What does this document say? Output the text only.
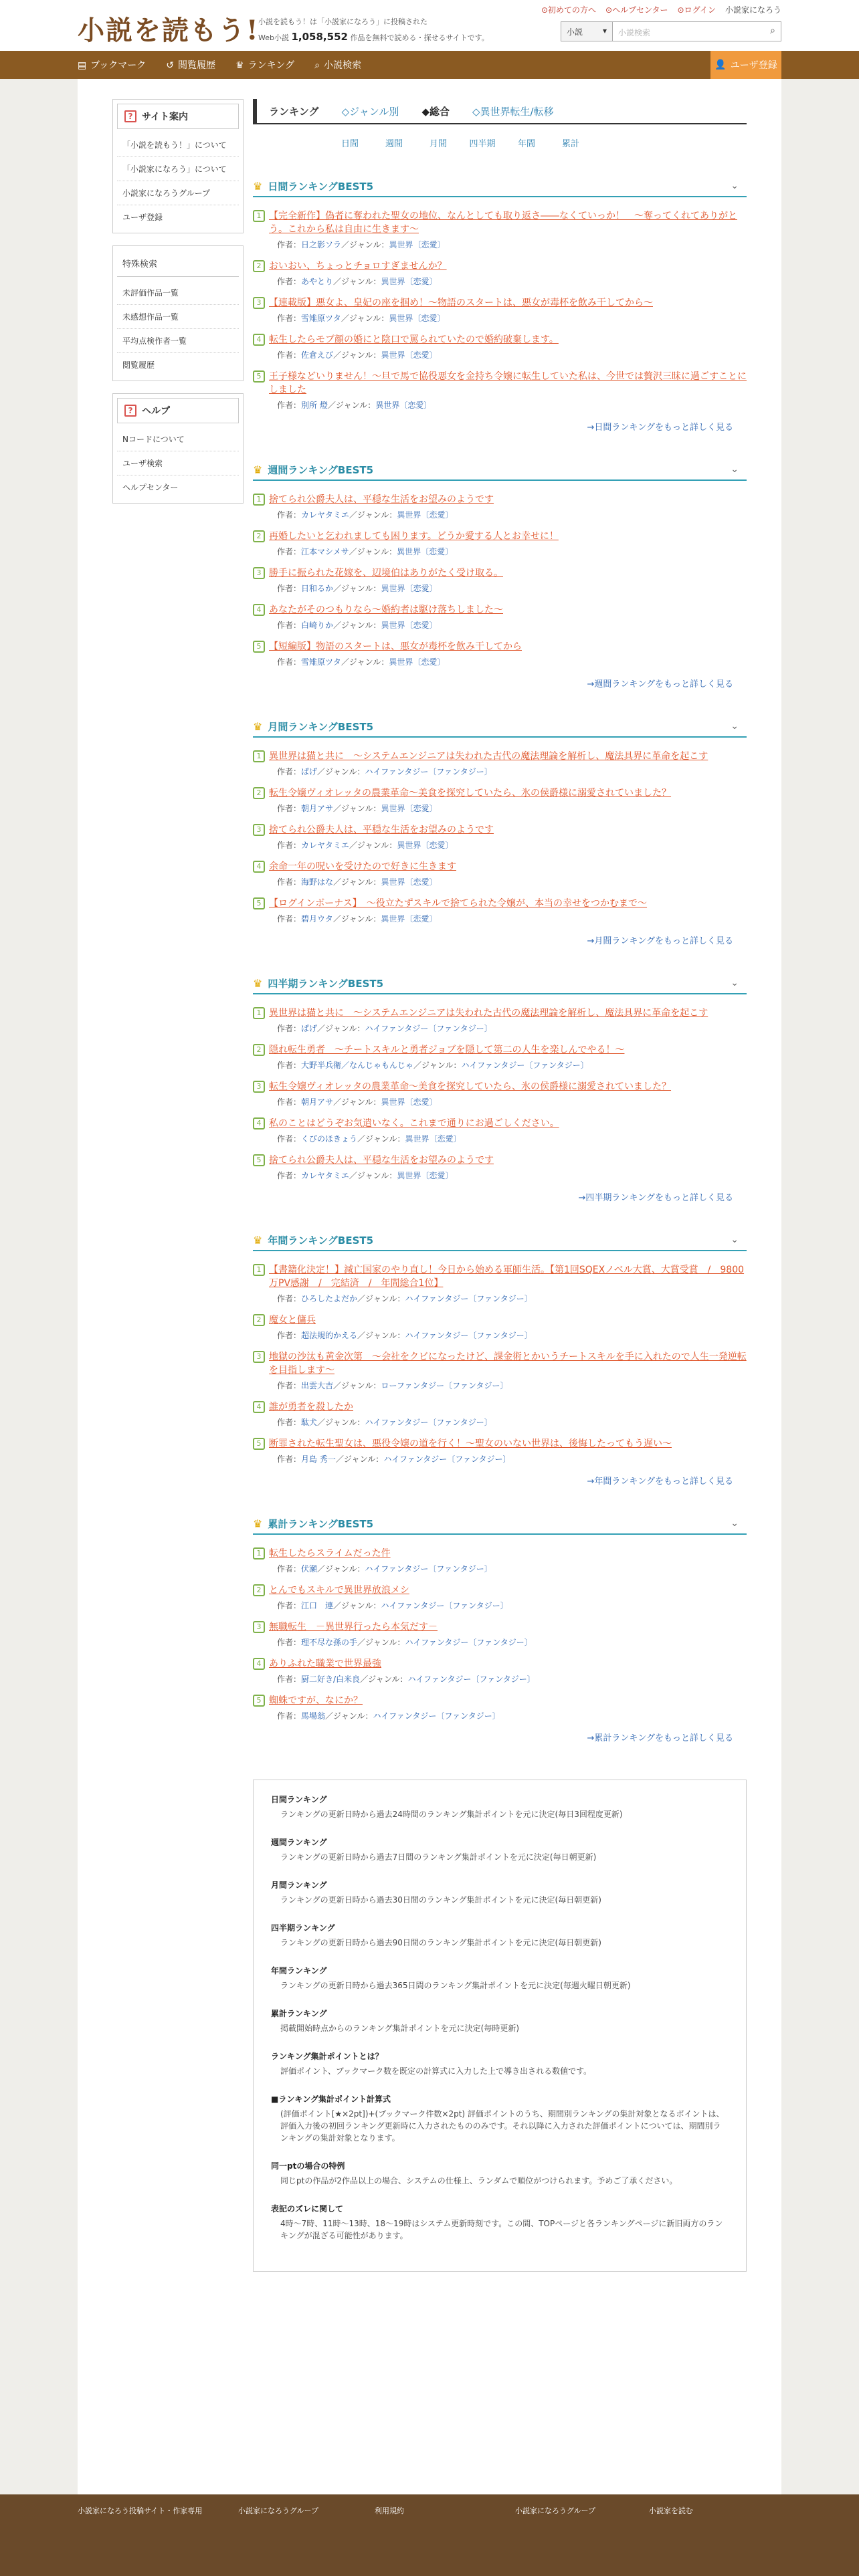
小説を読もう!
小説を読もう！は「小説家になろう」に投稿された
Web小説 1,058,552 作品を無料で読める・探せるサイトです。
⊙初めての方へ ⊙ヘルプセンター ⊙ログイン 小説家になろう
小説 ▾	小説検索	⌕
▤ ブックマーク ↺ 閲覧履歴 ♛ ランキング ⌕ 小説検索	👤 ユーザ登録
? サイト案内
「小説を読もう！」について
「小説家になろう」について
小説家になろうグループ
ユーザ登録
特殊検索
未評価作品一覧
未感想作品一覧
平均点検作者一覧
閲覧履歴
? ヘルプ
Nコードについて
ユーザ検索
ヘルプセンター
ランキング ◇ジャンル別 ◆総合 ◇異世界転生/転移
日間	週間	月間	四半期	年間	累計
♛ 日間ランキングBEST5	⌄
1 【完全新作】偽者に奪われた聖女の地位、なんとしても取り返さ――なくていっか！　～奪ってくれてありがとう。これから私は自由に生きます～
作者：日之影ソラ／ジャンル：異世界〔恋愛〕
2 おいおい、ちょっとチョロすぎませんか？
作者：あやとり／ジャンル：異世界〔恋愛〕
3 【連載版】悪女よ、皇妃の座を掴め！～物語のスタートは、悪女が毒杯を飲み干してから～
作者：雪雉原ツタ／ジャンル：異世界〔恋愛〕
4 転生したらモブ顔の婚にと陰口で罵られていたので婚約破棄します。
作者：佐倉えび／ジャンル：異世界〔恋愛〕
5 王子様などいりません！～旦で馬で協役悪女を金持ち令嬢に転生していた私は、今世では贅沢三昧に過ごすことにしました
作者：別所 燈／ジャンル：異世界〔恋愛〕
→日間ランキングをもっと詳しく見る
♛ 週間ランキングBEST5	⌄
1 捨てられ公爵夫人は、平穏な生活をお望みのようです
作者：カレヤタミエ／ジャンル：異世界〔恋愛〕
2 再婚したいと乞われましても困ります。どうか愛する人とお幸せに！
作者：江本マシメサ／ジャンル：異世界〔恋愛〕
3 勝手に振られた花嫁を、辺境伯はありがたく受け取る。
作者：日和るか／ジャンル：異世界〔恋愛〕
4 あなたがそのつもりなら～婚約者は駆け落ちしました～
作者：白崎りか／ジャンル：異世界〔恋愛〕
5 【短編版】物語のスタートは、悪女が毒杯を飲み干してから
作者：雪雉原ツタ／ジャンル：異世界〔恋愛〕
→週間ランキングをもっと詳しく見る
♛ 月間ランキングBEST5	⌄
1 異世界は猫と共に　～システムエンジニアは失われた古代の魔法理論を解析し、魔法具界に革命を起こす
作者：ぱげ／ジャンル：ハイファンタジー〔ファンタジー〕
2 転生令嬢ヴィオレッタの農業革命～美食を探究していたら、氷の侯爵様に溺愛されていました？
作者：朝月アサ／ジャンル：異世界〔恋愛〕
3 捨てられ公爵夫人は、平穏な生活をお望みのようです
作者：カレヤタミエ／ジャンル：異世界〔恋愛〕
4 余命一年の呪いを受けたので好きに生きます
作者：海野はな／ジャンル：異世界〔恋愛〕
5 【ログインボーナス】　～役立たずスキルで捨てられた令嬢が、本当の幸せをつかむまで～
作者：碧月ウタ／ジャンル：異世界〔恋愛〕
→月間ランキングをもっと詳しく見る
♛ 四半期ランキングBEST5	⌄
1 異世界は猫と共に　～システムエンジニアは失われた古代の魔法理論を解析し、魔法具界に革命を起こす
作者：ぱげ／ジャンル：ハイファンタジー〔ファンタジー〕
2 隠れ転生勇者　～チートスキルと勇者ジョブを隠して第二の人生を楽しんでやる！～
作者：大野半兵衛／なんじゃもんじゃ／ジャンル：ハイファンタジー〔ファンタジー〕
3 転生令嬢ヴィオレッタの農業革命～美食を探究していたら、氷の侯爵様に溺愛されていました？
作者：朝月アサ／ジャンル：異世界〔恋愛〕
4 私のことはどうぞお気遣いなく。これまで通りにお過ごしください。
作者：くびのほきょう／ジャンル：異世界〔恋愛〕
5 捨てられ公爵夫人は、平穏な生活をお望みのようです
作者：カレヤタミエ／ジャンル：異世界〔恋愛〕
→四半期ランキングをもっと詳しく見る
♛ 年間ランキングBEST5	⌄
1 【書籍化決定！】減亡国家のやり直し！今日から始める軍師生活。【第1回SQEXノベル大賞、大賞受賞　/　9800万PV感謝　/　完結済　/　年間総合1位】
作者：ひろしたよだか／ジャンル：ハイファンタジー〔ファンタジー〕
2 魔女と傭兵
作者：超法規的かえる／ジャンル：ハイファンタジー〔ファンタジー〕
3 地獄の沙汰も黄金次第　～会社をクビになったけど、課金術とかいうチートスキルを手に入れたので人生一発逆転を目指します～
作者：出雲大吉／ジャンル：ローファンタジー〔ファンタジー〕
4 誰が勇者を殺したか
作者：駄犬／ジャンル：ハイファンタジー〔ファンタジー〕
5 断罪された転生聖女は、悪役令嬢の道を行く！～聖女のいない世界は、後悔したってもう遅い～
作者：月島 秀一／ジャンル：ハイファンタジー〔ファンタジー〕
→年間ランキングをもっと詳しく見る
♛ 累計ランキングBEST5	⌄
1 転生したらスライムだった件
作者：伏瀬／ジャンル：ハイファンタジー〔ファンタジー〕
2 とんでもスキルで異世界放浪メシ
作者：江口　連／ジャンル：ハイファンタジー〔ファンタジー〕
3 無職転生　－異世界行ったら本気だす－
作者：理不尽な孫の手／ジャンル：ハイファンタジー〔ファンタジー〕
4 ありふれた職業で世界最強
作者：厨二好き/白米良／ジャンル：ハイファンタジー〔ファンタジー〕
5 蜘蛛ですが、なにか？
作者：馬場翁／ジャンル：ハイファンタジー〔ファンタジー〕
→累計ランキングをもっと詳しく見る
日間ランキング

ランキングの更新日時から過去24時間のランキング集計ポイントを元に決定(毎日3回程度更新)

週間ランキング

ランキングの更新日時から過去7日間のランキング集計ポイントを元に決定(毎日朝更新)

月間ランキング

ランキングの更新日時から過去30日間のランキング集計ポイントを元に決定(毎日朝更新)

四半期ランキング

ランキングの更新日時から過去90日間のランキング集計ポイントを元に決定(毎日朝更新)

年間ランキング

ランキングの更新日時から過去365日間のランキング集計ポイントを元に決定(毎週火曜日朝更新)

累計ランキング

掲載開始時点からのランキング集計ポイントを元に決定(毎時更新)

ランキング集計ポイントとは？

評価ポイント、ブックマーク数を既定の計算式に入力した上で導き出される数値です。

■ランキング集計ポイント計算式

(評価ポイント[★×2pt])+(ブックマーク件数×2pt) 評価ポイントのうち、期間別ランキングの集計対象となるポイントは、評価入力後の初回ランキング更新時に入力されたもののみです。それ以降に入力された評価ポイントについては、期間別ランキングの集計対象となります。

同一ptの場合の特例

同じptの作品が2作品以上の場合、システムの仕様上、ランダムで順位がつけられます。予めご了承ください。

表記のズレに関して

4時〜7時、11時〜13時、18〜19時はシステム更新時刻です。この間、TOPページと各ランキングページに新旧両方のランキングが混ざる可能性があります。

小説家になろう投稿サイト・作家専用	小説家になろうグループ	利用規約	小説家になろうグループ	小説家を読む
